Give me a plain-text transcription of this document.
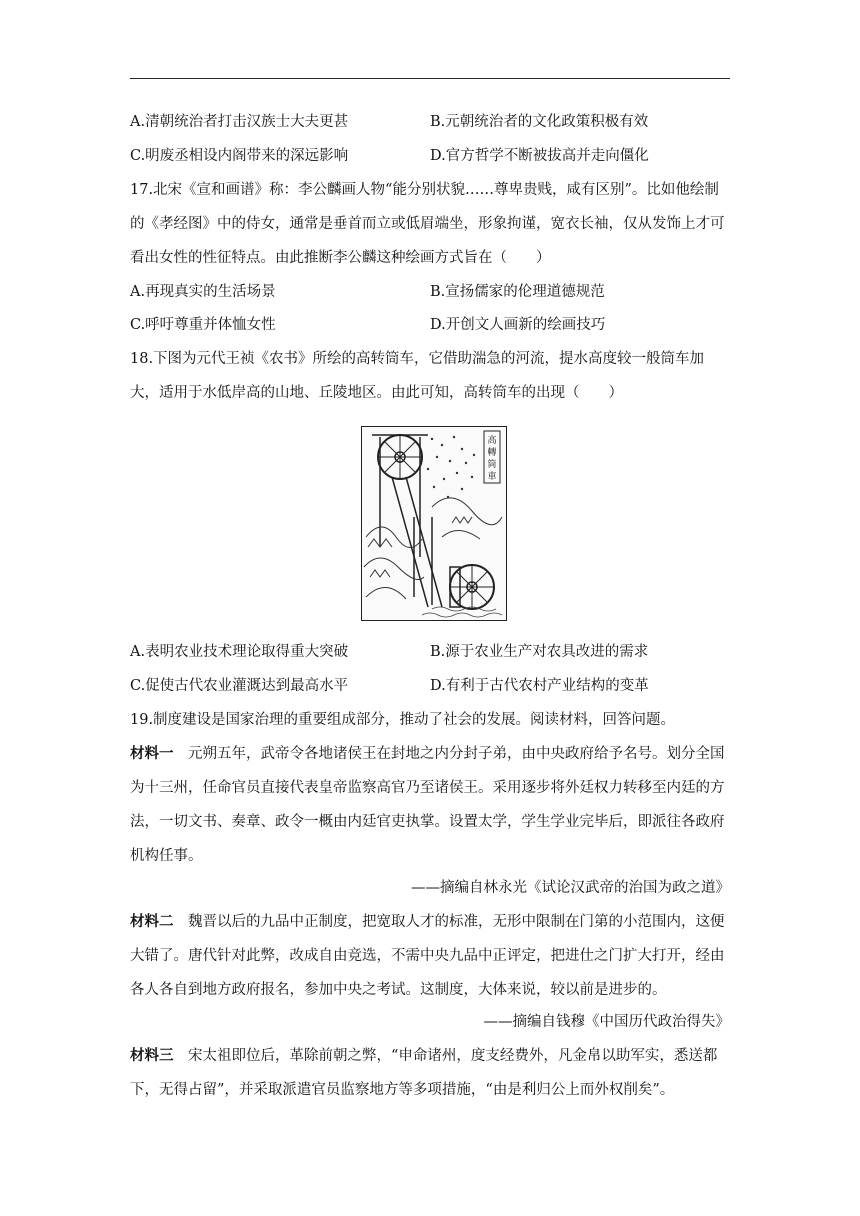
A.清朝统治者打击汉族士大夫更甚	B.元朝统治者的文化政策积极有效
C.明废丞相设内阁带来的深远影响	D.官方哲学不断被拔高并走向僵化
17.北宋《宣和画谱》称：李公麟画人物“能分别状貌……尊卑贵贱，咸有区别”。比如他绘制的《孝经图》中的侍女，通常是垂首而立或低眉端坐，形象拘谨，宽衣长袖，仅从发饰上才可看出女性的性征特点。由此推断李公麟这种绘画方式旨在（　　）
A.再现真实的生活场景	B.宣扬儒家的伦理道德规范
C.呼吁尊重并体恤女性	D.开创文人画新的绘画技巧
18.下图为元代王祯《农书》所绘的高转筒车，它借助湍急的河流，提水高度较一般筒车加大，适用于水低岸高的山地、丘陵地区。由此可知，高转筒车的出现（　　）
高
轉
筒
車
A.表明农业技术理论取得重大突破	B.源于农业生产对农具改进的需求
C.促使古代农业灌溉达到最高水平	D.有利于古代农村产业结构的变革
19.制度建设是国家治理的重要组成部分，推动了社会的发展。阅读材料，回答问题。
材料一　 元朔五年，武帝令各地诸侯王在封地之内分封子弟，由中央政府给予名号。划分全国为十三州，任命官员直接代表皇帝监察高官乃至诸侯王。采用逐步将外廷权力转移至内廷的方法，一切文书、奏章、政令一概由内廷官吏执掌。设置太学，学生学业完毕后，即派往各政府机构任事。
——摘编自林永光《试论汉武帝的治国为政之道》
材料二　 魏晋以后的九品中正制度，把宽取人才的标准，无形中限制在门第的小范围内，这便大错了。唐代针对此弊，改成自由竞选，不需中央九品中正评定，把进仕之门扩大打开，经由各人各自到地方政府报名，参加中央之考试。这制度，大体来说，较以前是进步的。
——摘编自钱穆《中国历代政治得失》
材料三　 宋太祖即位后，革除前朝之弊，“申命诸州，度支经费外，凡金帛以助军实，悉送都下，无得占留”，并采取派遣官员监察地方等多项措施，“由是利归公上而外权削矣”。
